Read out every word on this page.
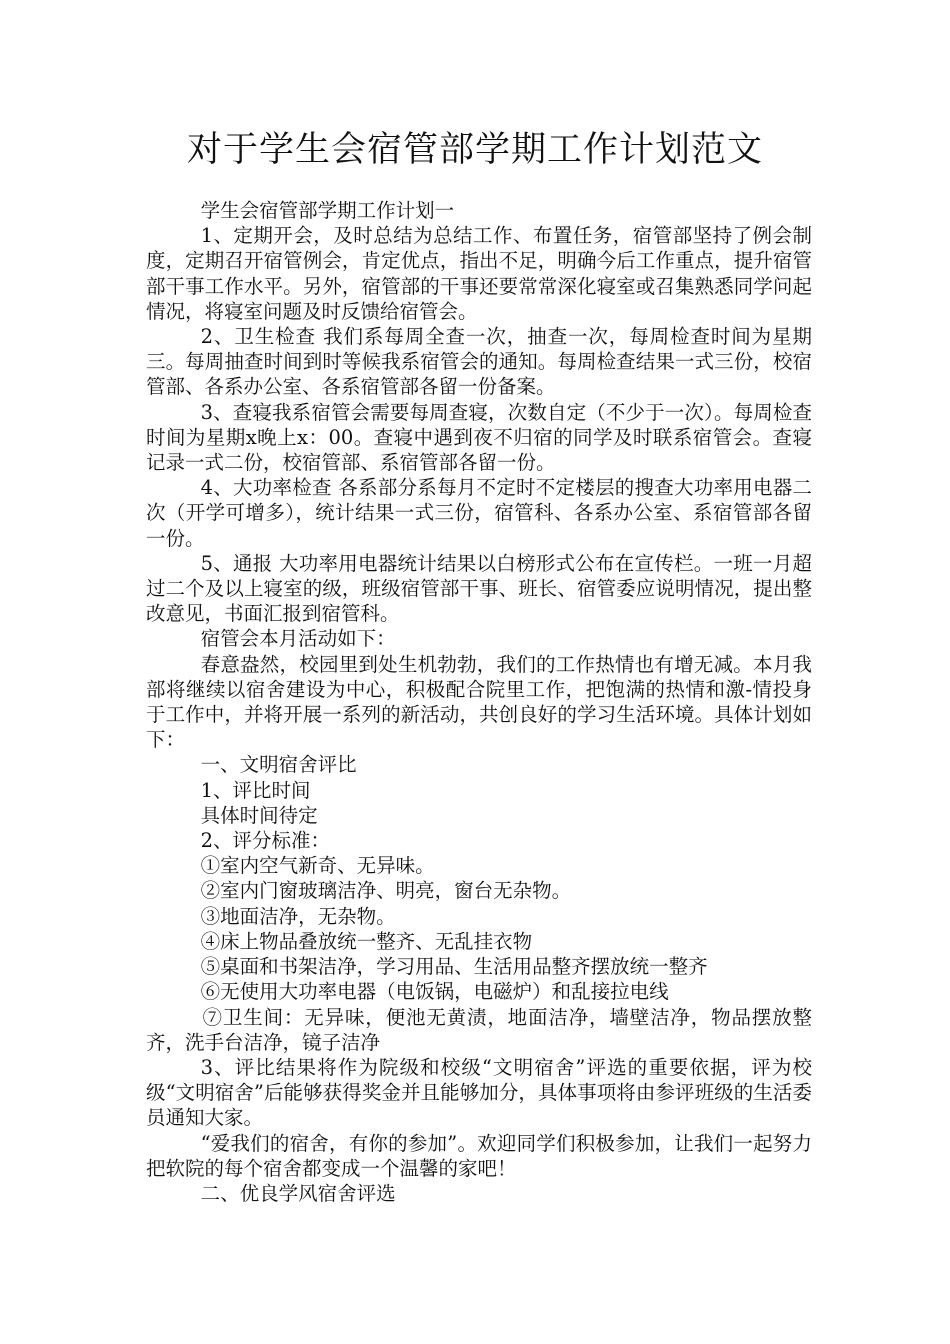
对于学生会宿管部学期工作计划范文

学生会宿管部学期工作计划一

1、定期开会，及时总结为总结工作、布置任务，宿管部坚持了例会制度，定期召开宿管例会，肯定优点，指出不足，明确今后工作重点，提升宿管部干事工作水平。另外，宿管部的干事还要常常深化寝室或召集熟悉同学问起情况，将寝室问题及时反馈给宿管会。

2、卫生检查 我们系每周全查一次，抽查一次，每周检查时间为星期三。每周抽查时间到时等候我系宿管会的通知。每周检查结果一式三份，校宿管部、各系办公室、各系宿管部各留一份备案。

3、查寝我系宿管会需要每周查寝，次数自定（不少于一次）。每周检查时间为星期x晚上x：00。查寝中遇到夜不归宿的同学及时联系宿管会。查寝记录一式二份，校宿管部、系宿管部各留一份。

4、大功率检查 各系部分系每月不定时不定楼层的搜查大功率用电器二次（开学可增多），统计结果一式三份，宿管科、各系办公室、系宿管部各留一份。

5、通报 大功率用电器统计结果以白榜形式公布在宣传栏。一班一月超过二个及以上寝室的级，班级宿管部干事、班长、宿管委应说明情况，提出整改意见，书面汇报到宿管科。

宿管会本月活动如下：

春意盎然，校园里到处生机勃勃，我们的工作热情也有增无减。本月我部将继续以宿舍建设为中心，积极配合院里工作，把饱满的热情和激-情投身于工作中，并将开展一系列的新活动，共创良好的学习生活环境。具体计划如下：

一、文明宿舍评比

1、评比时间

具体时间待定

2、评分标准：

①室内空气新奇、无异味。

②室内门窗玻璃洁净、明亮，窗台无杂物。

③地面洁净，无杂物。

④床上物品叠放统一整齐、无乱挂衣物

⑤桌面和书架洁净，学习用品、生活用品整齐摆放统一整齐

⑥无使用大功率电器（电饭锅，电磁炉）和乱接拉电线

⑦卫生间：无异味，便池无黄渍，地面洁净，墙壁洁净，物品摆放整齐，洗手台洁净，镜子洁净

3、评比结果将作为院级和校级“文明宿舍”评选的重要依据，评为校级“文明宿舍”后能够获得奖金并且能够加分，具体事项将由参评班级的生活委员通知大家。

“爱我们的宿舍，有你的参加”。欢迎同学们积极参加，让我们一起努力把软院的每个宿舍都变成一个温馨的家吧！

二、优良学风宿舍评选
